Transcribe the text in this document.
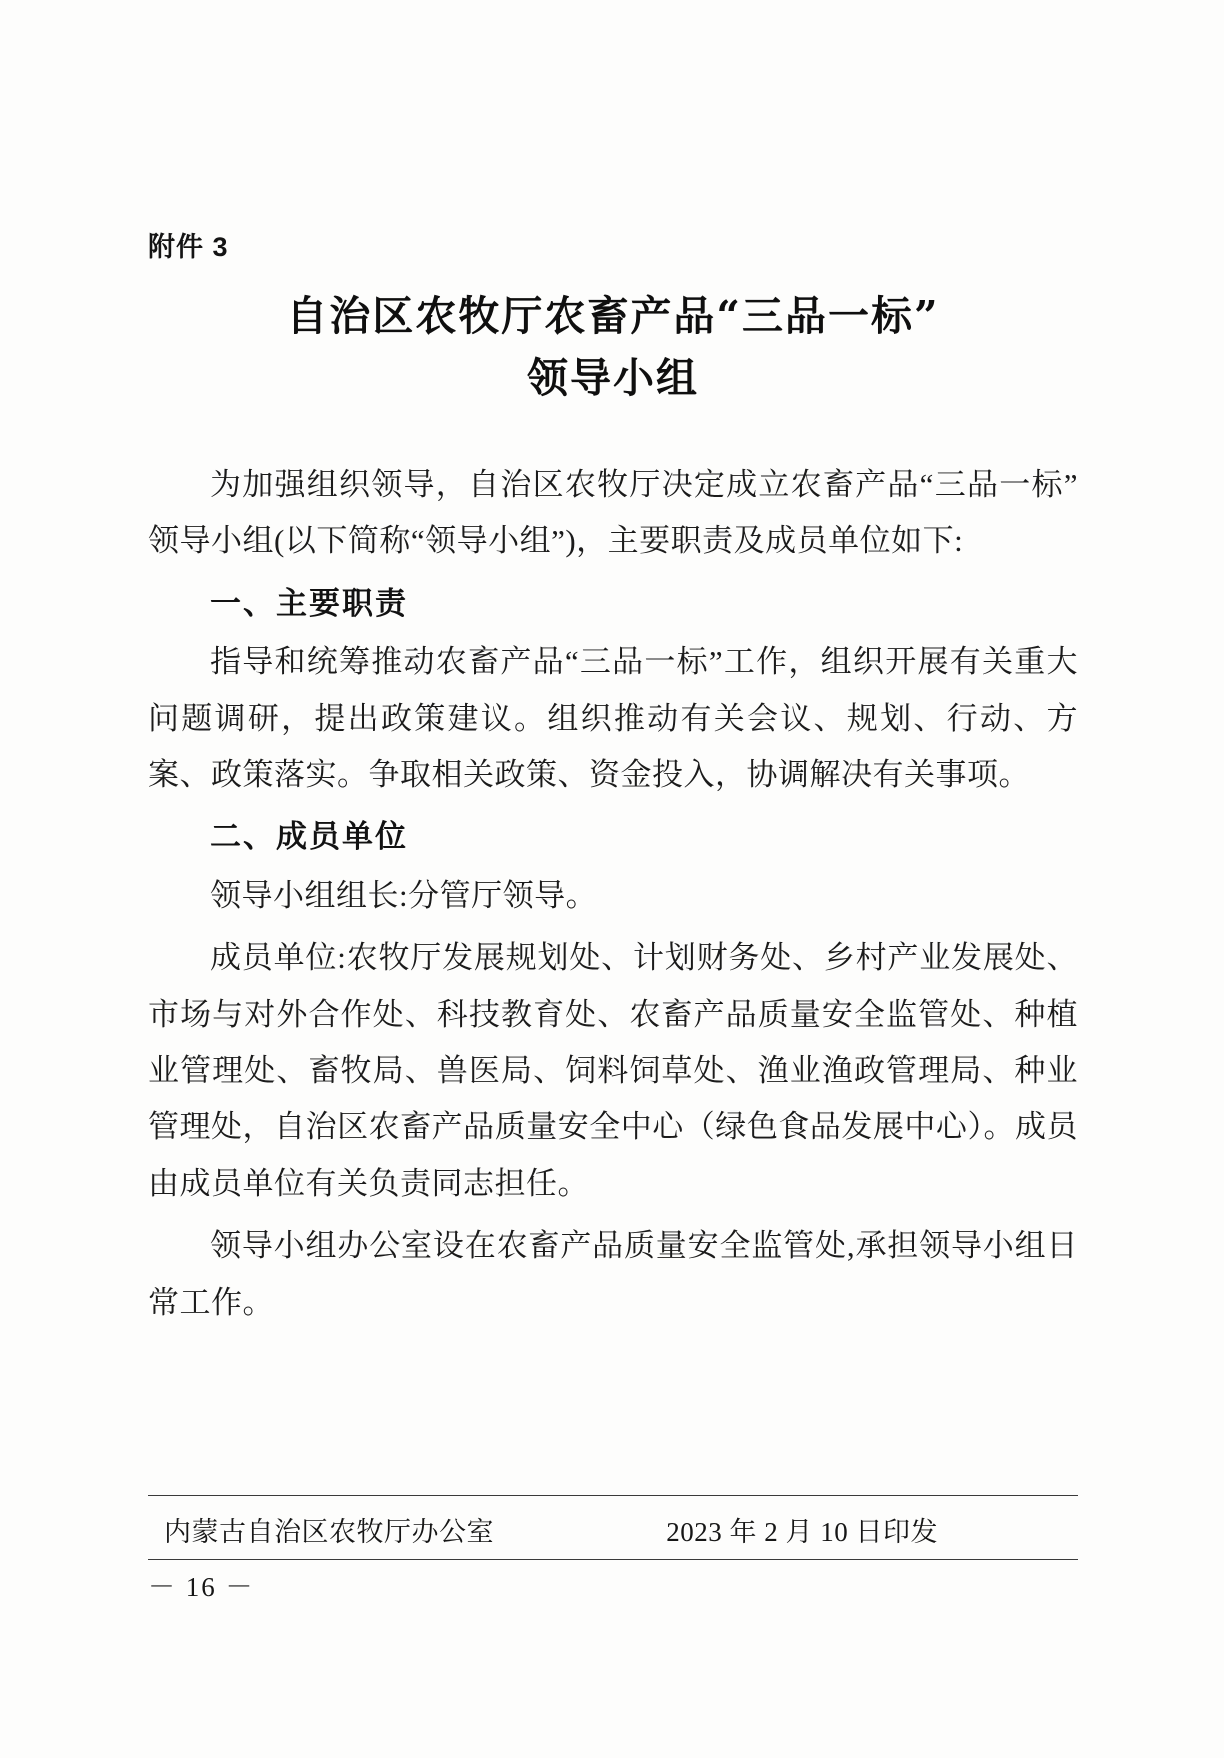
附件 3
自治区农牧厅农畜产品“三品一标”
领导小组

为加强组织领导，自治区农牧厅决定成立农畜产品“三品一标”领导小组(以下简称“领导小组”)，主要职责及成员单位如下:

一、主要职责

指导和统筹推动农畜产品“三品一标”工作，组织开展有关重大问题调研，提出政策建议。组织推动有关会议、规划、行动、方案、政策落实。争取相关政策、资金投入，协调解决有关事项。

二、成员单位

领导小组组长:分管厅领导。

成员单位:农牧厅发展规划处、计划财务处、乡村产业发展处、市场与对外合作处、科技教育处、农畜产品质量安全监管处、种植业管理处、畜牧局、兽医局、饲料饲草处、渔业渔政管理局、种业管理处，自治区农畜产品质量安全中心（绿色食品发展中心）。成员由成员单位有关负责同志担任。

领导小组办公室设在农畜产品质量安全监管处,承担领导小组日常工作。

内蒙古自治区农牧厅办公室	2023 年 2 月 10 日印发
－ 16 －
